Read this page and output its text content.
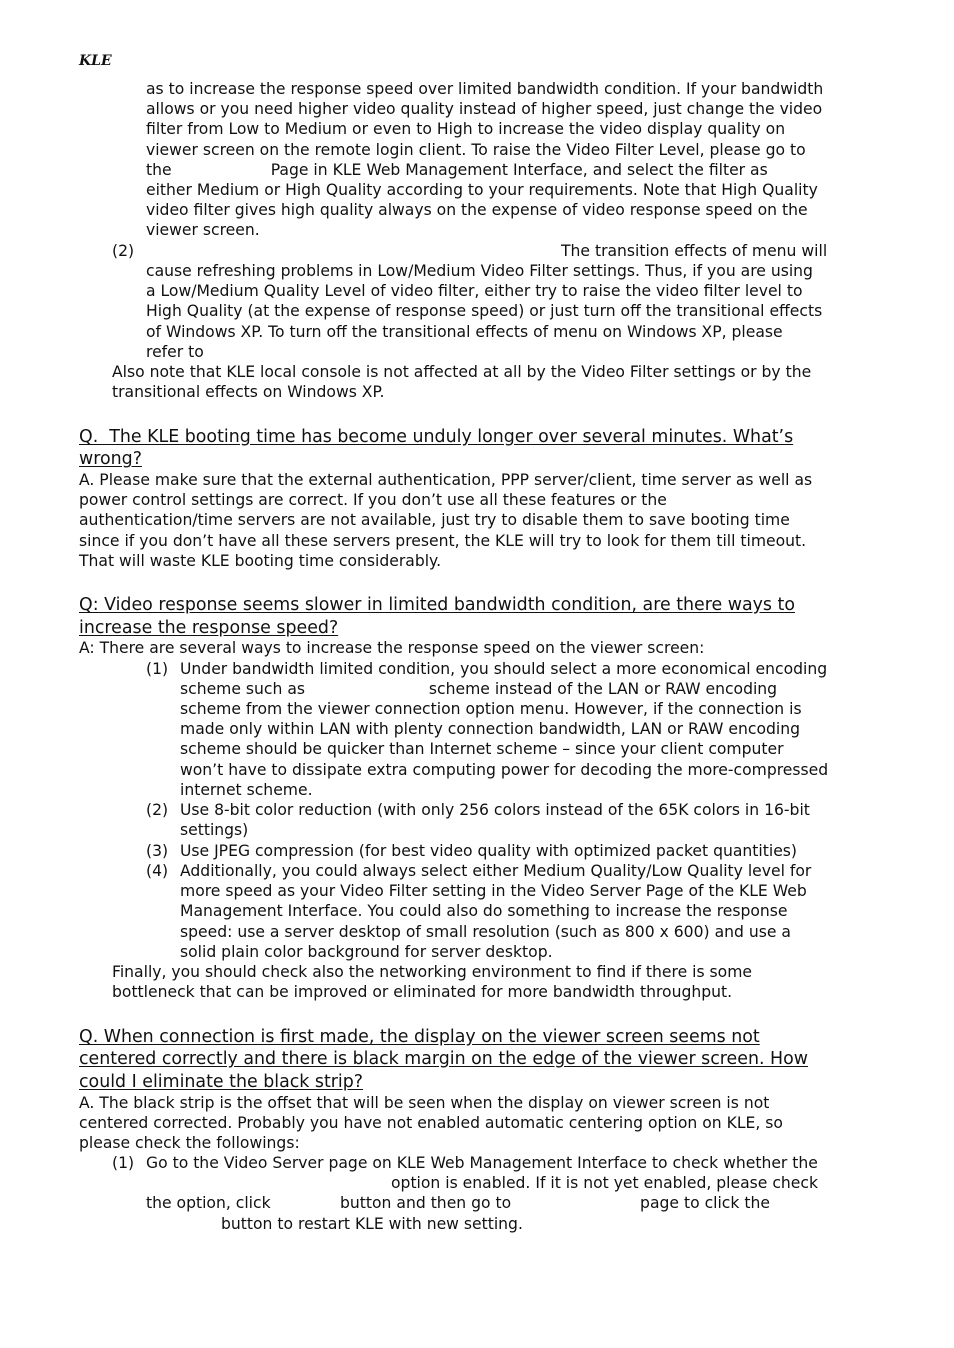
KLE
as to increase the response speed over limited bandwidth condition. If your bandwidth
allows or you need higher video quality instead of higher speed, just change the video
filter from Low to Medium or even to High to increase the video display quality on
viewer screen on the remote login client. To raise the Video Filter Level, please go to
the                    Page in KLE Web Management Interface, and select the filter as
either Medium or High Quality according to your requirements. Note that High Quality
video filter gives high quality always on the expense of video response speed on the
viewer screen.
(2)	The transition effects of menu will
cause refreshing problems in Low/Medium Video Filter settings. Thus, if you are using
a Low/Medium Quality Level of video filter, either try to raise the video filter level to
High Quality (at the expense of response speed) or just turn off the transitional effects
of Windows XP. To turn off the transitional effects of menu on Windows XP, please
refer to
Also note that KLE local console is not affected at all by the Video Filter settings or by the
transitional effects on Windows XP.
Q.  The KLE booting time has become unduly longer over several minutes. What’s
wrong?
A. Please make sure that the external authentication, PPP server/client, time server as well as
power control settings are correct. If you don’t use all these features or the
authentication/time servers are not available, just try to disable them to save booting time
since if you don’t have all these servers present, the KLE will try to look for them till timeout.
That will waste KLE booting time considerably.
Q: Video response seems slower in limited bandwidth condition, are there ways to
increase the response speed?
A: There are several ways to increase the response speed on the viewer screen:
(1) Under bandwidth limited condition, you should select a more economical encoding
scheme such as                         scheme instead of the LAN or RAW encoding
scheme from the viewer connection option menu. However, if the connection is
made only within LAN with plenty connection bandwidth, LAN or RAW encoding
scheme should be quicker than Internet scheme – since your client computer
won’t have to dissipate extra computing power for decoding the more-compressed
internet scheme.
(2) Use 8-bit color reduction (with only 256 colors instead of the 65K colors in 16-bit
settings)
(3) Use JPEG compression (for best video quality with optimized packet quantities)
(4) Additionally, you could always select either Medium Quality/Low Quality level for
more speed as your Video Filter setting in the Video Server Page of the KLE Web
Management Interface. You could also do something to increase the response
speed: use a server desktop of small resolution (such as 800 x 600) and use a
solid plain color background for server desktop.
Finally, you should check also the networking environment to find if there is some
bottleneck that can be improved or eliminated for more bandwidth throughput.
Q. When connection is first made, the display on the viewer screen seems not
centered correctly and there is black margin on the edge of the viewer screen. How
could I eliminate the black strip?
A. The black strip is the offset that will be seen when the display on viewer screen is not
centered corrected. Probably you have not enabled automatic centering option on KLE, so
please check the followings:
(1) Go to the Video Server page on KLE Web Management Interface to check whether the
option is enabled. If it is not yet enabled, please check
the option, click              button and then go to                          page to click the
button to restart KLE with new setting.
